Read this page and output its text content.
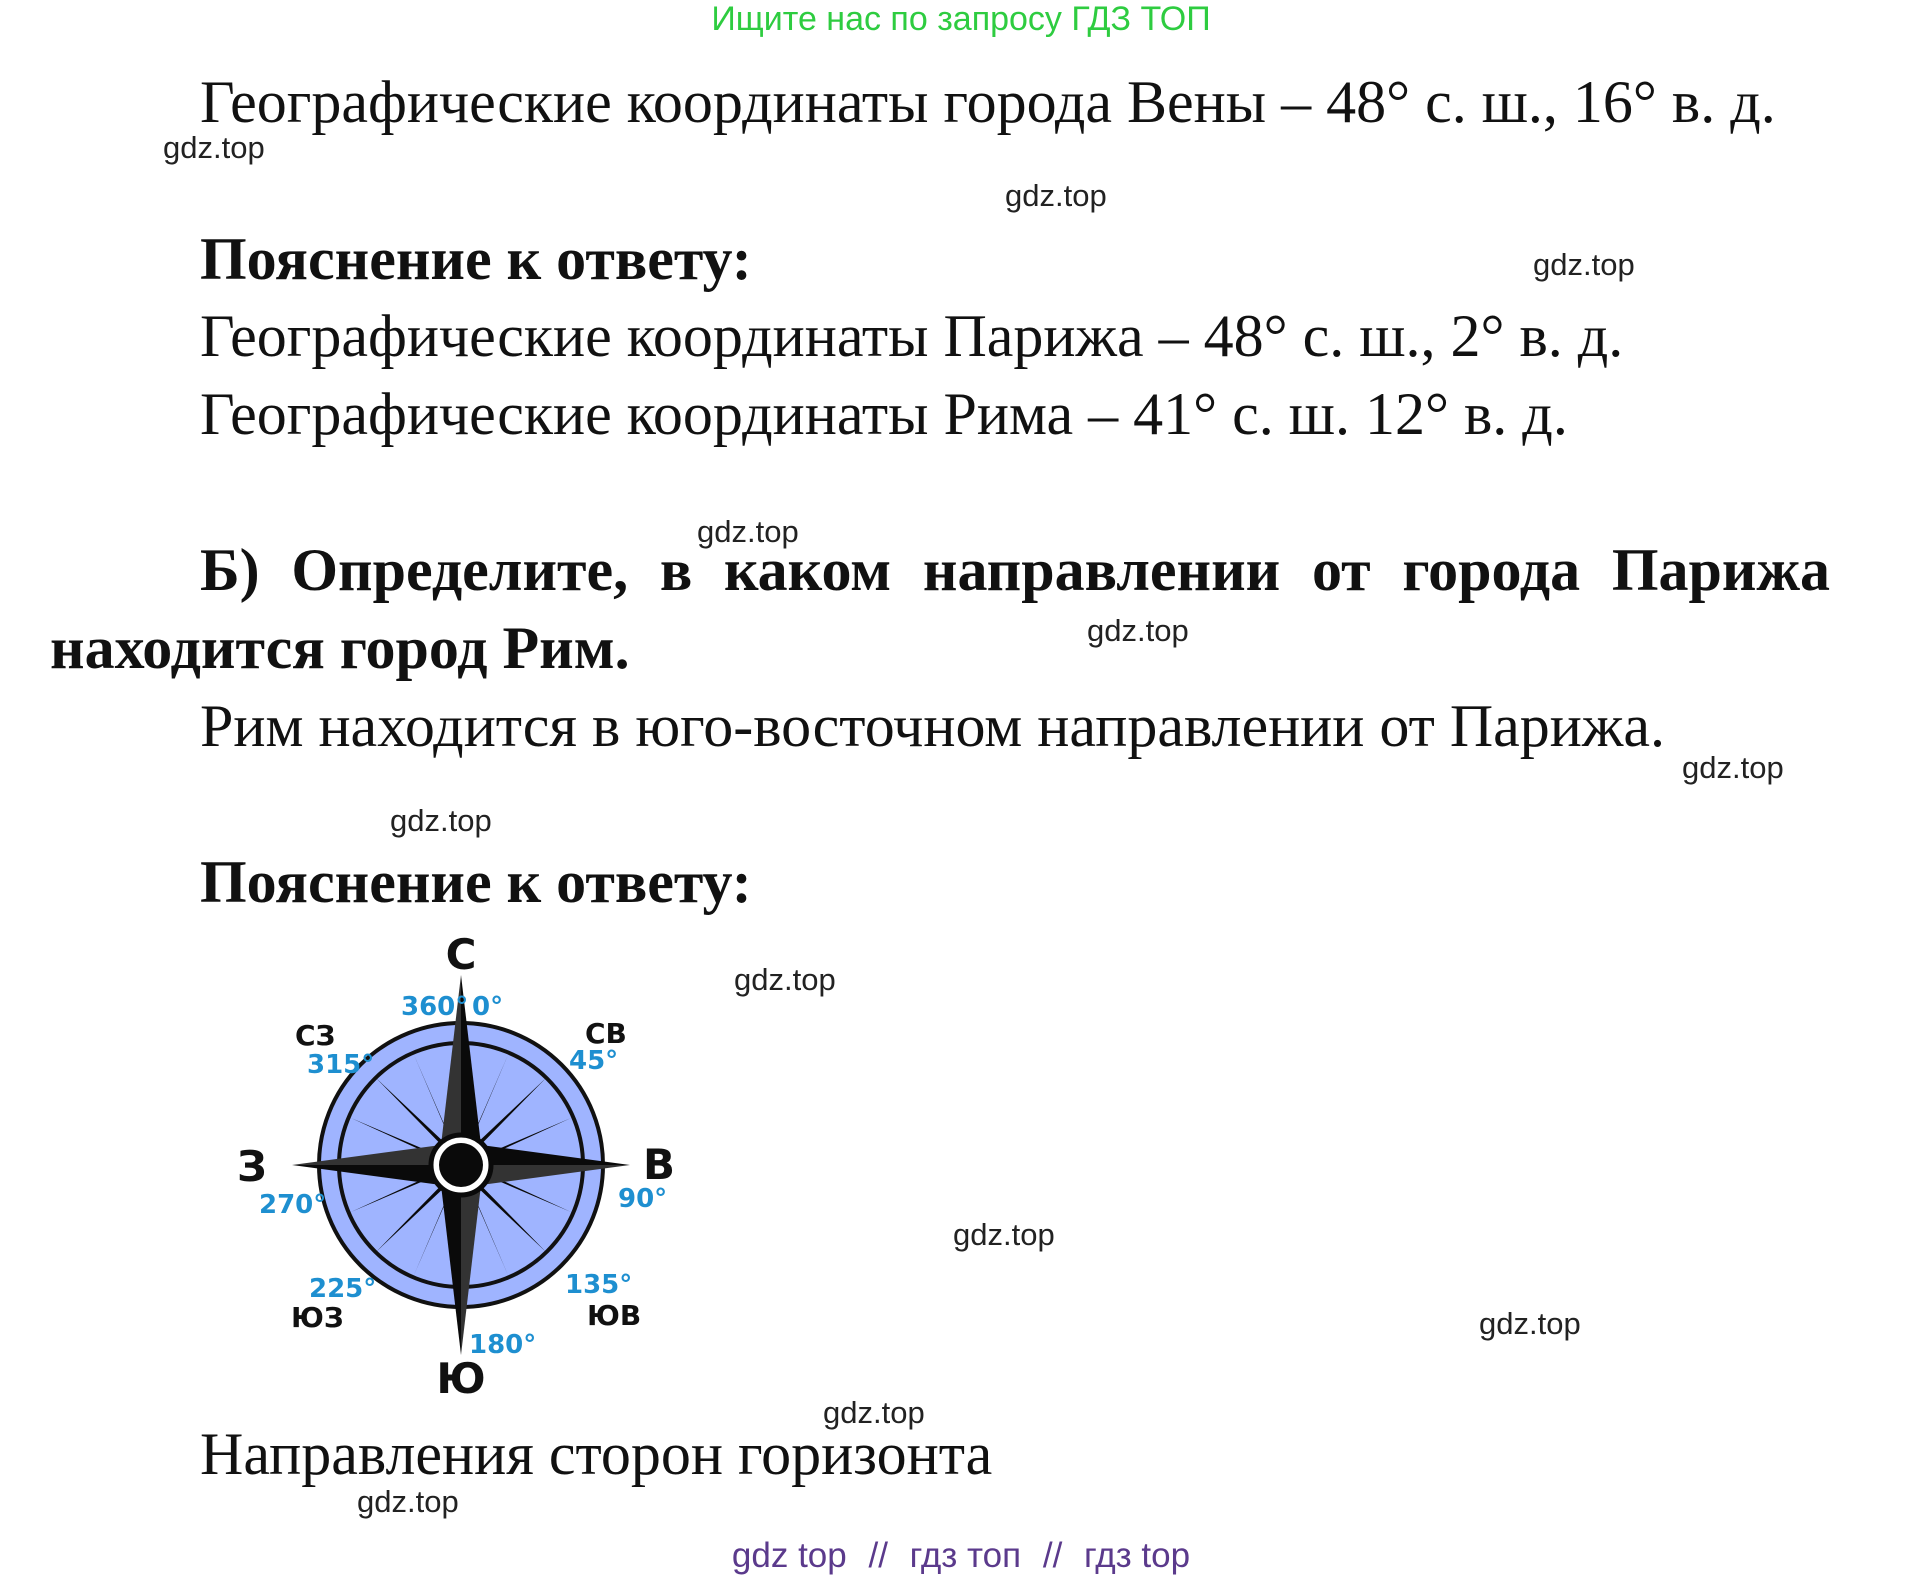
Ищите нас по запросу ГДЗ ТОП
Географические координаты города Вены – 48° с. ш., 16° в. д.
Пояснение к ответу:
Географические координаты Парижа – 48° с. ш., 2° в. д.
Географические координаты Рима – 41° с. ш. 12° в. д.
Б) Определите, в каком направлении от города Парижа
находится город Рим.
Рим находится в юго-восточном направлении от Парижа.
Пояснение к ответу:
С
Ю
В
З
СВ
СЗ
ЮВ
ЮЗ
360° 0°
45°
90°
135°
180°
225°
270°
315°
Направления сторон горизонта
gdz.top
gdz.top
gdz.top
gdz.top
gdz.top
gdz.top
gdz.top
gdz.top
gdz.top
gdz.top
gdz.top
gdz.top
gdz top // гдз топ // гдз top
